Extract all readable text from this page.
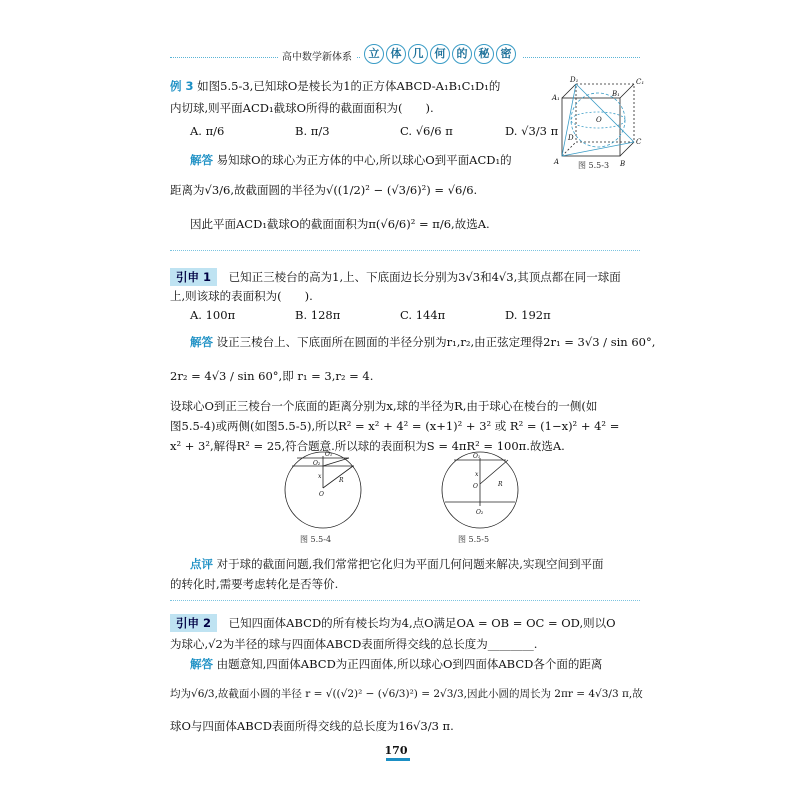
高中数学新体系	立 体 几 何 的 秘 密
例 3 如图5.5-3,已知球O是棱长为1的正方体ABCD-A₁B₁C₁D₁的
内切球,则平面ACD₁截球O所得的截面面积为(　　).
A. π/6	B. π/3	C. √6/6 π	D. √3/3 π
解答 易知球O的球心为正方体的中心,所以球心O到平面ACD₁的
距离为√3/6,故截面圆的半径为√((1/2)² − (√3/6)²) = √6/6.
因此平面ACD₁截球O的截面面积为π(√6/6)² = π/6,故选A.
D₁	C₁
A₁	B₁
D	C
A	B
O
图 5.5-3
引申 1 已知正三棱台的高为1,上、下底面边长分别为3√3和4√3,其顶点都在同一球面
上,则该球的表面积为(　　).
A. 100π	B. 128π	C. 144π	D. 192π
解答 设正三棱台上、下底面所在圆面的半径分别为r₁,r₂,由正弦定理得2r₁ = 3√3 / sin 60°,
2r₂ = 4√3 / sin 60°,即 r₁ = 3,r₂ = 4.
设球心O到正三棱台一个底面的距离分别为x,球的半径为R,由于球心在棱台的一侧(如
图5.5-4)或两侧(如图5.5-5),所以R² = x² + 4² = (x+1)² + 3² 或 R² = (1−x)² + 4² =
x² + 3²,解得R² = 25,符合题意.所以球的表面积为S = 4πR² = 100π.故选A.
O₁
O₂
x
O
R
图 5.5-4
O₁
x
O	R
O₂
图 5.5-5
点评 对于球的截面问题,我们常常把它化归为平面几何问题来解决,实现空间到平面
的转化时,需要考虑转化是否等价.
引申 2 已知四面体ABCD的所有棱长均为4,点O满足OA = OB = OC = OD,则以O
为球心,√2为半径的球与四面体ABCD表面所得交线的总长度为________.
解答 由题意知,四面体ABCD为正四面体,所以球心O到四面体ABCD各个面的距离
均为√6/3,故截面小圆的半径 r = √((√2)² − (√6/3)²) = 2√3/3,因此小圆的周长为 2πr = 4√3/3 π,故
球O与四面体ABCD表面所得交线的总长度为16√3/3 π.
170
